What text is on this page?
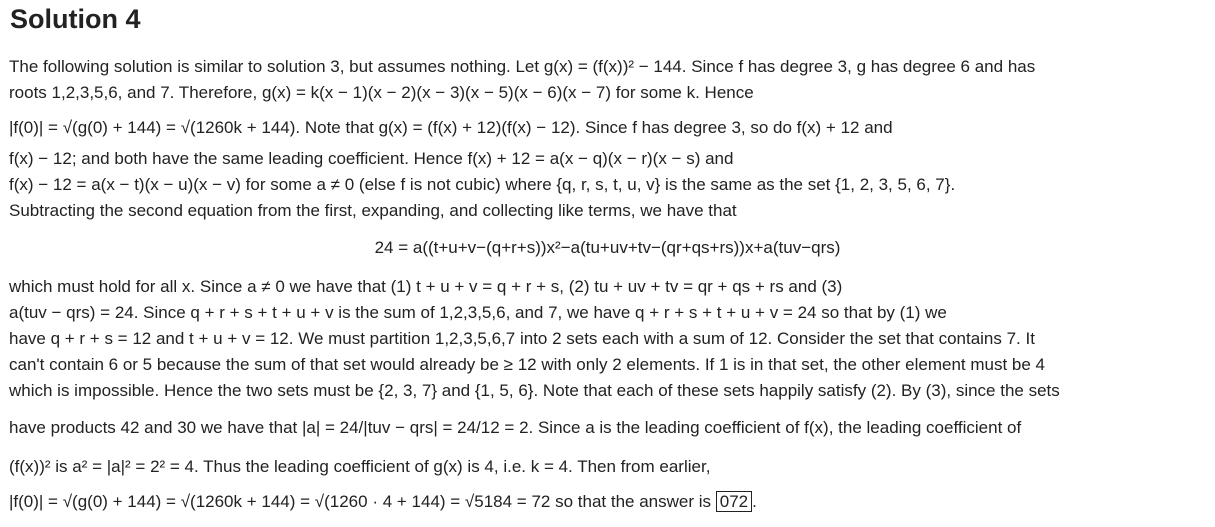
Solution 4
The following solution is similar to solution 3, but assumes nothing. Let g(x) = (f(x))² − 144. Since f has degree 3, g has degree 6 and has
roots 1,2,3,5,6, and 7. Therefore, g(x) = k(x − 1)(x − 2)(x − 3)(x − 5)(x − 6)(x − 7) for some k. Hence
|f(0)| = √(g(0) + 144) = √(1260k + 144). Note that g(x) = (f(x) + 12)(f(x) − 12). Since f has degree 3, so do f(x) + 12 and
f(x) − 12; and both have the same leading coefficient. Hence f(x) + 12 = a(x − q)(x − r)(x − s) and
f(x) − 12 = a(x − t)(x − u)(x − v) for some a ≠ 0 (else f is not cubic) where {q, r, s, t, u, v} is the same as the set {1, 2, 3, 5, 6, 7}.
Subtracting the second equation from the first, expanding, and collecting like terms, we have that
24 = a((t+u+v−(q+r+s))x²−a(tu+uv+tv−(qr+qs+rs))x+a(tuv−qrs)
which must hold for all x. Since a ≠ 0 we have that (1) t + u + v = q + r + s, (2) tu + uv + tv = qr + qs + rs and (3)
a(tuv − qrs) = 24. Since q + r + s + t + u + v is the sum of 1,2,3,5,6, and 7, we have q + r + s + t + u + v = 24 so that by (1) we
have q + r + s = 12 and t + u + v = 12. We must partition 1,2,3,5,6,7 into 2 sets each with a sum of 12. Consider the set that contains 7. It
can't contain 6 or 5 because the sum of that set would already be ≥ 12 with only 2 elements. If 1 is in that set, the other element must be 4
which is impossible. Hence the two sets must be {2, 3, 7} and {1, 5, 6}. Note that each of these sets happily satisfy (2). By (3), since the sets
have products 42 and 30 we have that |a| = 24/|tuv − qrs| = 24/12 = 2. Since a is the leading coefficient of f(x), the leading coefficient of
(f(x))² is a² = |a|² = 2² = 4. Thus the leading coefficient of g(x) is 4, i.e. k = 4. Then from earlier,
|f(0)| = √(g(0) + 144) = √(1260k + 144) = √(1260 · 4 + 144) = √5184 = 72 so that the answer is 072 .
